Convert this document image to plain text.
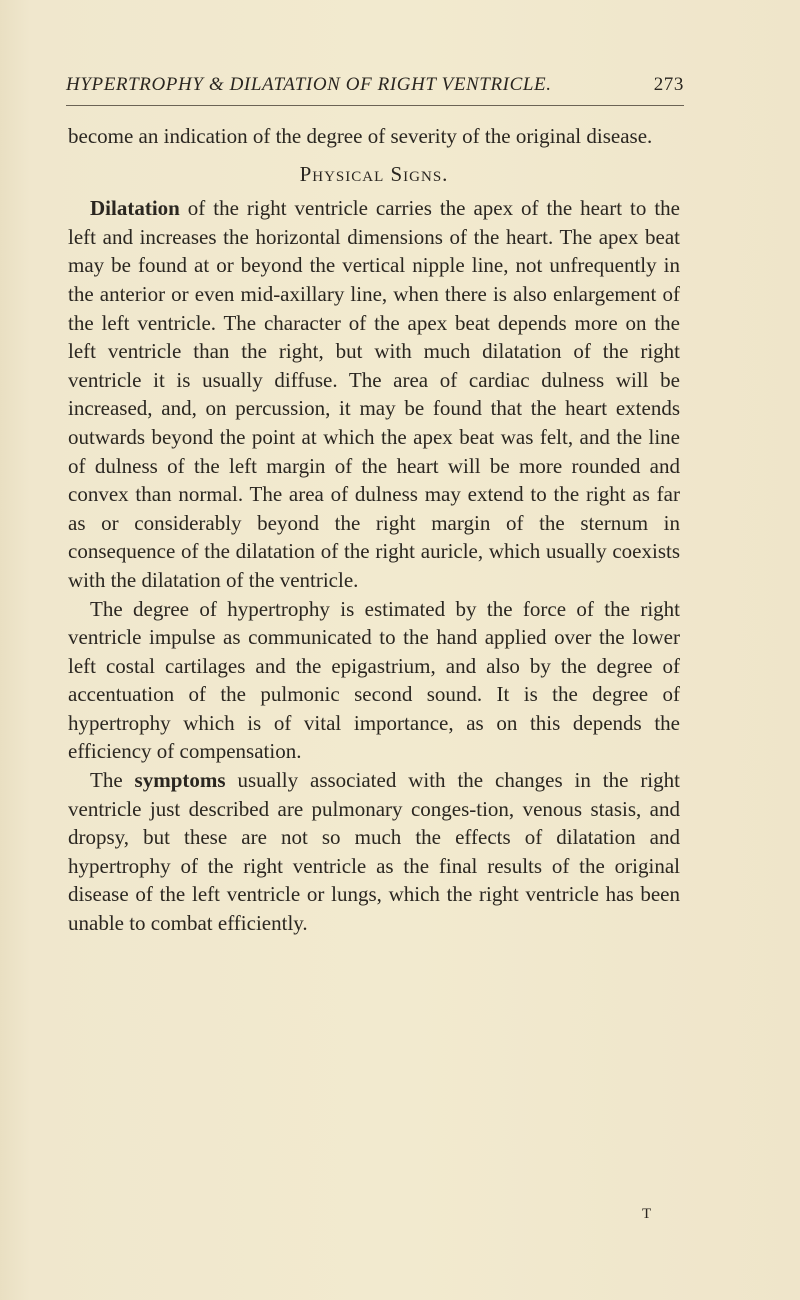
HYPERTROPHY & DILATATION OF RIGHT VENTRICLE.	273

become an indication of the degree of severity of the original disease.

Physical Signs.

Dilatation of the right ventricle carries the apex of the heart to the left and increases the horizontal dimensions of the heart. The apex beat may be found at or beyond the vertical nipple line, not unfrequently in the anterior or even mid-axillary line, when there is also enlargement of the left ventricle. The character of the apex beat depends more on the left ventricle than the right, but with much dilatation of the right ventricle it is usually diffuse. The area of cardiac dulness will be increased, and, on percussion, it may be found that the heart extends outwards beyond the point at which the apex beat was felt, and the line of dulness of the left margin of the heart will be more rounded and convex than normal. The area of dulness may extend to the right as far as or considerably beyond the right margin of the sternum in consequence of the dilatation of the right auricle, which usually coexists with the dilatation of the ventricle.

The degree of hypertrophy is estimated by the force of the right ventricle impulse as communicated to the hand applied over the lower left costal cartilages and the epigastrium, and also by the degree of accentuation of the pulmonic second sound. It is the degree of hypertrophy which is of vital importance, as on this depends the efficiency of compensation.

The symptoms usually associated with the changes in the right ventricle just described are pulmonary conges-tion, venous stasis, and dropsy, but these are not so much the effects of dilatation and hypertrophy of the right ventricle as the final results of the original disease of the left ventricle or lungs, which the right ventricle has been unable to combat efficiently.

T
